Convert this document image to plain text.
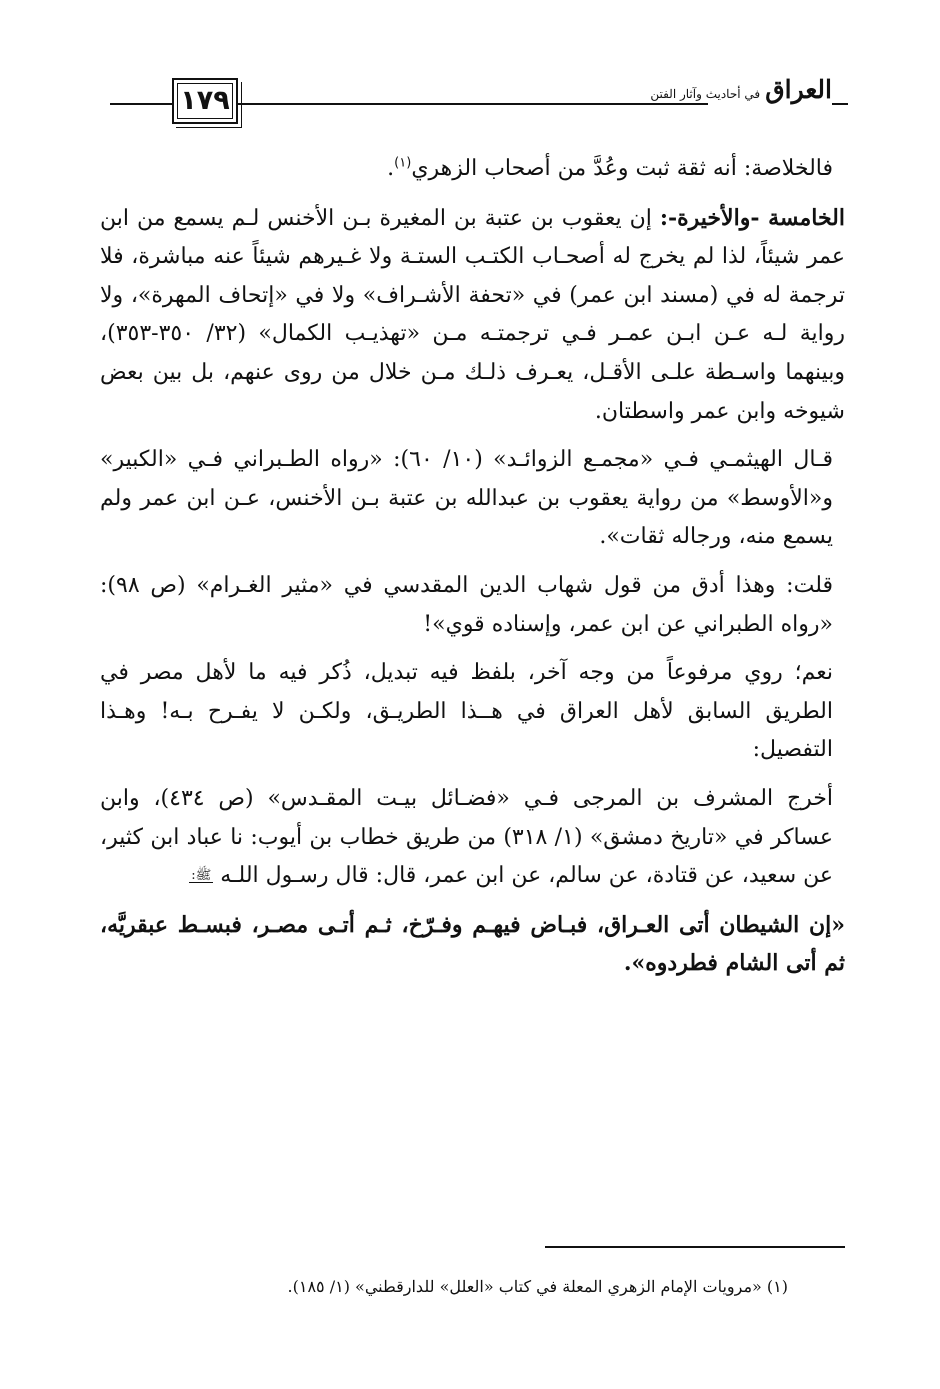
١٧٩	العراق في أحاديث وآثار الفتن

فالخلاصة: أنه ثقة ثبت وعُدَّ من أصحاب الزهري$^{(١)}$.

الخامسة -والأخيرة-: إن يعقوب بن عتبة بن المغيرة بـن الأخنس لـم يسمع من ابن عمر شيئاً، لذا لم يخرج له أصحـاب الكتـب الستـة ولا غـيرهم شيئاً عنه مباشرة، فلا ترجمة له في (مسند ابن عمر) في «تحفة الأشـراف» ولا في «إتحاف المهرة»، ولا رواية لـه عـن ابـن عمـر فـي ترجمتـه مـن «تهذيـب الكمال» (٣٢/ ٣٥٠-٣٥٣)، وبينهما واسـطة علـى الأقـل، يعـرف ذلـك مـن خلال من روى عنهم، بل بين بعض شيوخه وابن عمر واسطتان.

قـال الهيثمـي فـي «مجمـع الزوائـد» (١٠/ ٦٠): «رواه الطـبراني فـي «الكبير» و«الأوسط» من رواية يعقوب بن عبدالله بن عتبة بـن الأخنس، عـن ابن عمر ولم يسمع منه، ورجاله ثقات».

قلت: وهذا أدق من قول شهاب الدين المقدسي في «مثير الغـرام» (ص ٩٨): «رواه الطبراني عن ابن عمر، وإسناده قوي»!

نعم؛ روي مرفوعاً من وجه آخر، بلفظ فيه تبديل، ذُكر فيه ما لأهل مصر في الطريق السابق لأهل العراق في هــذا الطريـق، ولكـن لا يفـرح بـه! وهـذا التفصيل:

أخرج المشرف بن المرجى فـي «فضـائل بيـت المقـدس» (ص ٤٣٤)، وابن عساكر في «تاريخ دمشق» (١/ ٣١٨) من طريق خطاب بن أيوب: نا عباد ابن كثير، عن سعيد، عن قتادة، عن سالم، عن ابن عمر، قال: قال رسـول اللـه ﷺ:

«إن الشيطان أتى العـراق، فبـاض فيهـم وفـرّخ، ثـم أتـى مصـر، فبسـط عبقريَّه، ثم أتى الشام فطردوه».

(١) «مرويات الإمام الزهري المعلة في كتاب «العلل» للدارقطني» (١/ ١٨٥).
